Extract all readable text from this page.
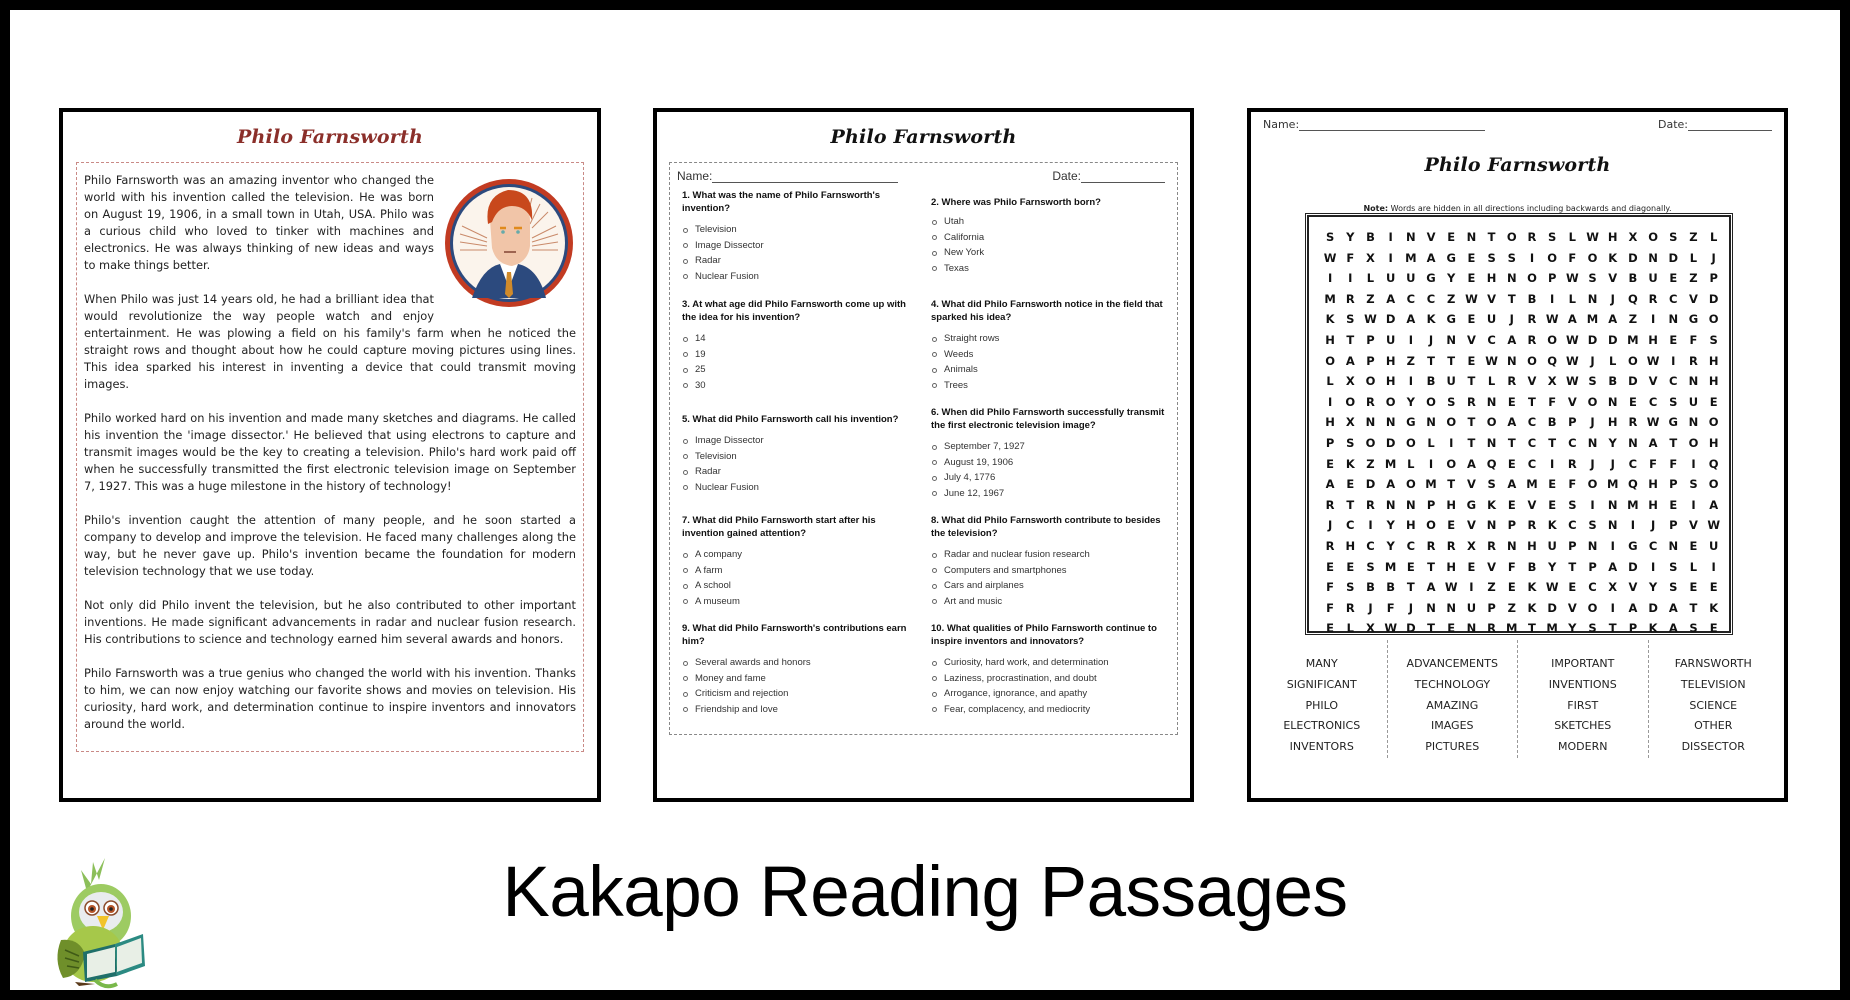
Philo Farnsworth

Philo Farnsworth was an amazing inventor who changed the world with his invention called the television. He was born on August 19, 1906, in a small town in Utah, USA. Philo was a curious child who loved to tinker with machines and electronics. He was always thinking of new ideas and ways to make things better.

When Philo was just 14 years old, he had a brilliant idea that would revolutionize the way people watch and enjoy entertainment. He was plowing a field on his family's farm when he noticed the straight rows and thought about how he could capture moving pictures using lines. This idea sparked his interest in inventing a device that could transmit moving images.

Philo worked hard on his invention and made many sketches and diagrams. He called his invention the 'image dissector.' He believed that using electrons to capture and transmit images would be the key to creating a television. Philo's hard work paid off when he successfully transmitted the first electronic television image on September 7, 1927. This was a huge milestone in the history of technology!

Philo's invention caught the attention of many people, and he soon started a company to develop and improve the television. He faced many challenges along the way, but he never gave up. Philo's invention became the foundation for modern television technology that we use today.

Not only did Philo invent the television, but he also contributed to other important inventions. He made significant advancements in radar and nuclear fusion research. His contributions to science and technology earned him several awards and honors.

Philo Farnsworth was a true genius who changed the world with his invention. Thanks to him, we can now enjoy watching our favorite shows and movies on television. His curiosity, hard work, and determination continue to inspire inventors and innovators around the world.

Philo Farnsworth
Name:	Date:
1. What was the name of Philo Farnsworth's invention?
Television
Image Dissector
Radar
Nuclear Fusion
2. Where was Philo Farnsworth born?
Utah
California
New York
Texas
3. At what age did Philo Farnsworth come up with the idea for his invention?
14
19
25
30
4. What did Philo Farnsworth notice in the field that sparked his idea?
Straight rows
Weeds
Animals
Trees
5. What did Philo Farnsworth call his invention?
Image Dissector
Television
Radar
Nuclear Fusion
6. When did Philo Farnsworth successfully transmit the first electronic television image?
September 7, 1927
August 19, 1906
July 4, 1776
June 12, 1967
7. What did Philo Farnsworth start after his invention gained attention?
A company
A farm
A school
A museum
8. What did Philo Farnsworth contribute to besides the television?
Radar and nuclear fusion research
Computers and smartphones
Cars and airplanes
Art and music
9. What did Philo Farnsworth's contributions earn him?
Several awards and honors
Money and fame
Criticism and rejection
Friendship and love
10. What qualities of Philo Farnsworth continue to inspire inventors and innovators?
Curiosity, hard work, and determination
Laziness, procrastination, and doubt
Arrogance, ignorance, and apathy
Fear, complacency, and mediocrity
Name:	Date:
Philo Farnsworth
Note: Words are hidden in all directions including backwards and diagonally.
S	Y	B	I	N V	E N T O R	S	L W H X O S	Z	L
W F	X	I	M A G	E	S	S	I	O F O K D N D	L	J
I	I	L	U U G Y	E H N O P W S	V B U	E	Z	P
M R	Z	A	C	C	Z W V	T	B	I	L	N	J	Q R	C	V D
K	S W D A K G	E	U	J	R W A M A	Z	I	N G O
H T	P U	I	J	N V	C	A R O W D D M H E	F	S
O A	P H Z	T	T	E W N O Q W	J	L	O W	I	R H
L	X O H	I	B U	T	L	R V X W S	B D V	C N H
I	O R O Y O S	R N E	T	F	V O N E	C	S U	E
H X N N G N O T O A	C	B	P	J	H R W G N O
P	S O D O	L	I	T N T	C	T	C N Y N A	T O H
E	K	Z M L	I	O A Q E	C	I	R	J	J	C	F	F	I	Q
A	E D A O M T	V	S	A M E	F O M Q H P	S O
R	T	R N N P H G K	E	V	E	S	I	N M H E	I	A
J	C	I	Y H O E	V N P	R K	C	S N	I	J	P	V W
R H C	Y	C	R R X R N H U P N	I	G C N E	U
E	E	S M E	T H E	V	F	B	Y	T	P	A D	I	S	L	I
F	S	B B	T	A W	I	Z	E	K W E	C	X V	Y	S	E	E
F	R	J	F	J	N N U P	Z	K D V O	I	A D A	T	K
E	L	X W D T	E N R M T M Y	S	T	P	K A	S	E
MANY
SIGNIFICANT
PHILO
ELECTRONICS
INVENTORS
ADVANCEMENTS
TECHNOLOGY
AMAZING
IMAGES
PICTURES
IMPORTANT
INVENTIONS
FIRST
SKETCHES
MODERN
FARNSWORTH
TELEVISION
SCIENCE
OTHER
DISSECTOR
Kakapo Reading Passages
